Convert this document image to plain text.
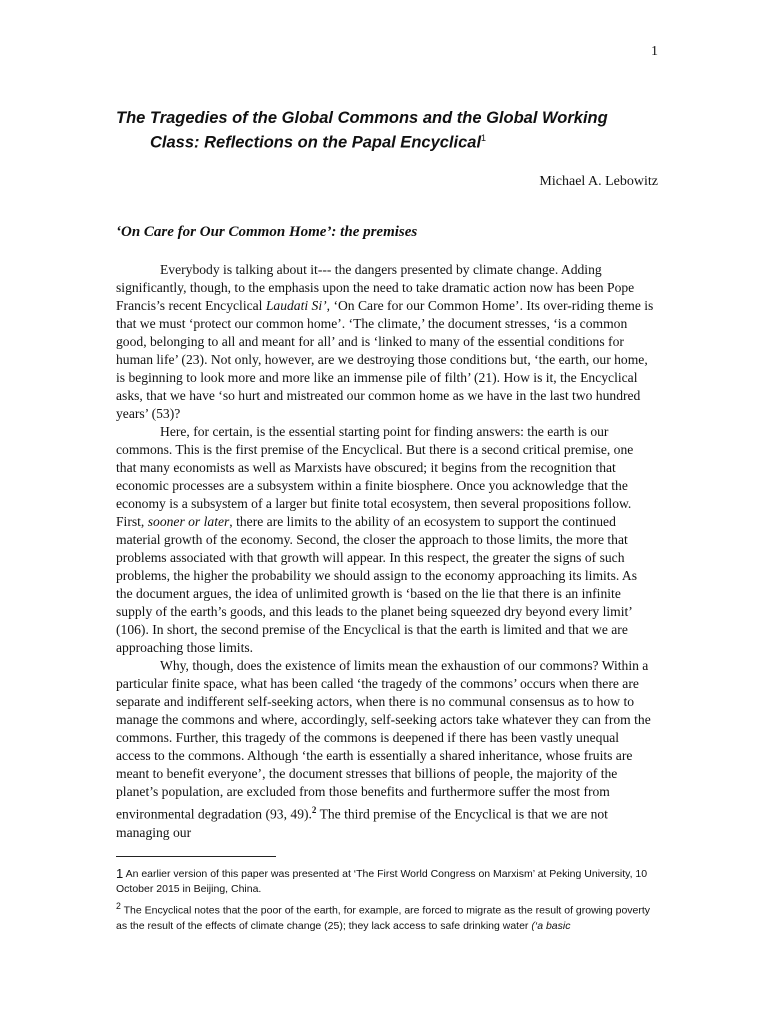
1
The Tragedies of the Global Commons and the Global Working
Class: Reflections on the Papal Encyclical$^1$
Michael A. Lebowitz
‘On Care for Our Common Home’: the premises

Everybody is talking about it--- the dangers presented by climate change. Adding significantly, though, to the emphasis upon the need to take dramatic action now has been Pope Francis’s recent Encyclical Laudati Si’, ‘On Care for our Common Home’. Its over-riding theme is that we must ‘protect our common home’. ‘The climate,’ the document stresses, ‘is a common good, belonging to all and meant for all’ and is ‘linked to many of the essential conditions for human life’ (23). Not only, however, are we destroying those conditions but, ‘the earth, our home, is beginning to look more and more like an immense pile of filth’ (21). How is it, the Encyclical asks, that we have ‘so hurt and mistreated our common home as we have in the last two hundred years’ (53)?

Here, for certain, is the essential starting point for finding answers: the earth is our commons. This is the first premise of the Encyclical. But there is a second critical premise, one that many economists as well as Marxists have obscured; it begins from the recognition that economic processes are a subsystem within a finite biosphere. Once you acknowledge that the economy is a subsystem of a larger but finite total ecosystem, then several propositions follow. First, sooner or later, there are limits to the ability of an ecosystem to support the continued material growth of the economy. Second, the closer the approach to those limits, the more that problems associated with that growth will appear. In this respect, the greater the signs of such problems, the higher the probability we should assign to the economy approaching its limits. As the document argues, the idea of unlimited growth is ‘based on the lie that there is an infinite supply of the earth’s goods, and this leads to the planet being squeezed dry beyond every limit’ (106). In short, the second premise of the Encyclical is that the earth is limited and that we are approaching those limits.

Why, though, does the existence of limits mean the exhaustion of our commons? Within a particular finite space, what has been called ‘the tragedy of the commons’ occurs when there are separate and indifferent self-seeking actors, when there is no communal consensus as to how to manage the commons and where, accordingly, self-seeking actors take whatever they can from the commons. Further, this tragedy of the commons is deepened if there has been vastly unequal access to the commons. Although ‘the earth is essentially a shared inheritance, whose fruits are meant to benefit everyone’, the document stresses that billions of people, the majority of the planet’s population, are excluded from those benefits and furthermore suffer the most from environmental degradation (93, 49).$^2$ The third premise of the Encyclical is that we are not managing our

$^1$ An earlier version of this paper was presented at ‘The First World Congress on Marxism’ at Peking University, 10 October 2015 in Beijing, China.

$^2$ The Encyclical notes that the poor of the earth, for example, are forced to migrate as the result of growing poverty as the result of the effects of climate change (25); they lack access to safe drinking water (‘a basic
